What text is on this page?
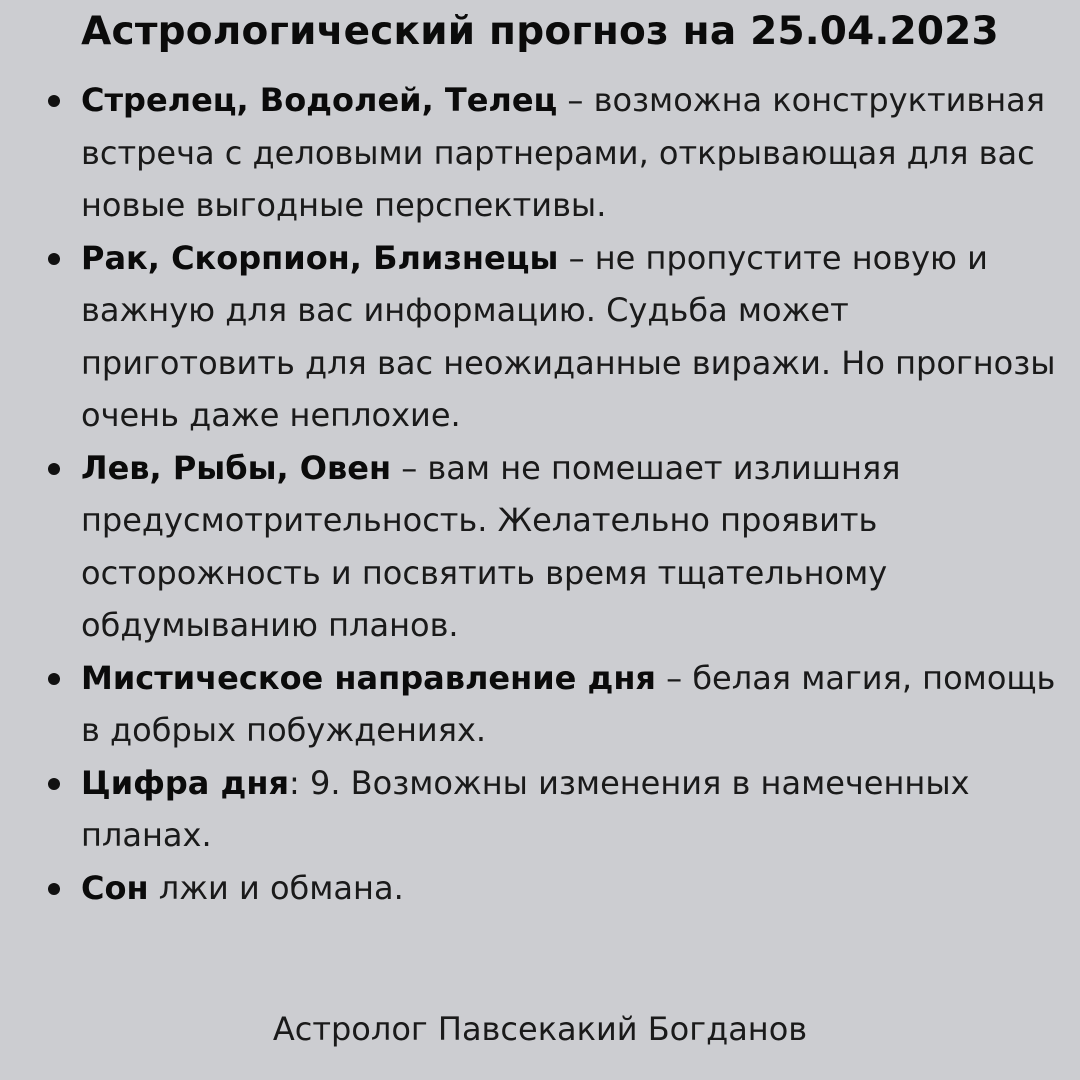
Астрологический прогноз на 25.04.2023
Стрелец, Водолей, Телец – возможна конструктивная встреча с деловыми партнерами, открывающая для вас новые выгодные перспективы.
Рак, Скорпион, Близнецы – не пропустите новую и важную для вас информацию. Судьба может приготовить для вас неожиданные виражи. Но прогнозы очень даже неплохие.
Лев, Рыбы, Овен – вам не помешает излишняя предусмотрительность. Желательно проявить осторожность и посвятить время тщательному обдумыванию планов.
Мистическое направление дня – белая магия, помощь в добрых побуждениях.
Цифра дня: 9. Возможны изменения в намеченных планах.
Сон лжи и обмана.
Астролог Павсекакий Богданов
